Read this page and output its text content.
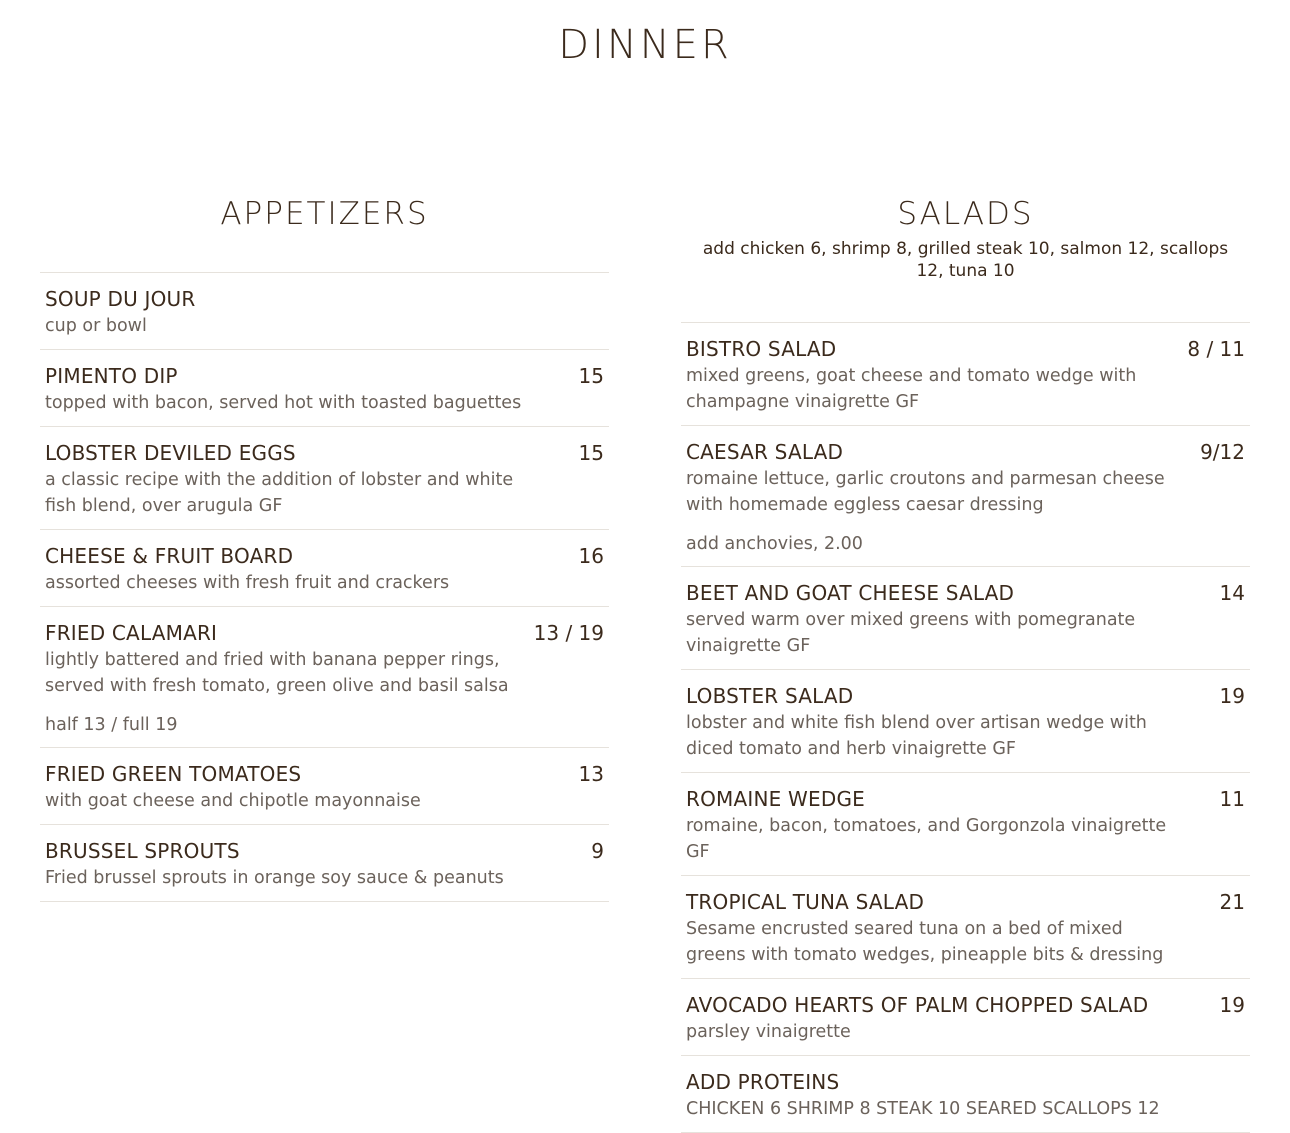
DINNER
APPETIZERS
SOUP DU JOUR
cup or bowl
PIMENTO DIP	15
topped with bacon, served hot with toasted baguettes
LOBSTER DEVILED EGGS	15
a classic recipe with the addition of lobster and white fish blend, over arugula GF
CHEESE & FRUIT BOARD	16
assorted cheeses with fresh fruit and crackers
FRIED CALAMARI	13 / 19
lightly battered and fried with banana pepper rings, served with fresh tomato, green olive and basil salsa
half 13 / full 19
FRIED GREEN TOMATOES	13
with goat cheese and chipotle mayonnaise
BRUSSEL SPROUTS	9
Fried brussel sprouts in orange soy sauce & peanuts
SALADS

add chicken 6, shrimp 8, grilled steak 10, salmon 12, scallops 12, tuna 10

BISTRO SALAD	8 / 11
mixed greens, goat cheese and tomato wedge with champagne vinaigrette GF
CAESAR SALAD	9/12
romaine lettuce, garlic croutons and parmesan cheese with homemade eggless caesar dressing
add anchovies, 2.00
BEET AND GOAT CHEESE SALAD	14
served warm over mixed greens with pomegranate vinaigrette GF
LOBSTER SALAD	19
lobster and white fish blend over artisan wedge with diced tomato and herb vinaigrette GF
ROMAINE WEDGE	11
romaine, bacon, tomatoes, and Gorgonzola vinaigrette GF
TROPICAL TUNA SALAD	21
Sesame encrusted seared tuna on a bed of mixed greens with tomato wedges, pineapple bits & dressing
AVOCADO HEARTS OF PALM CHOPPED SALAD	19
parsley vinaigrette
ADD PROTEINS
CHICKEN 6 SHRIMP 8 STEAK 10 SEARED SCALLOPS 12
